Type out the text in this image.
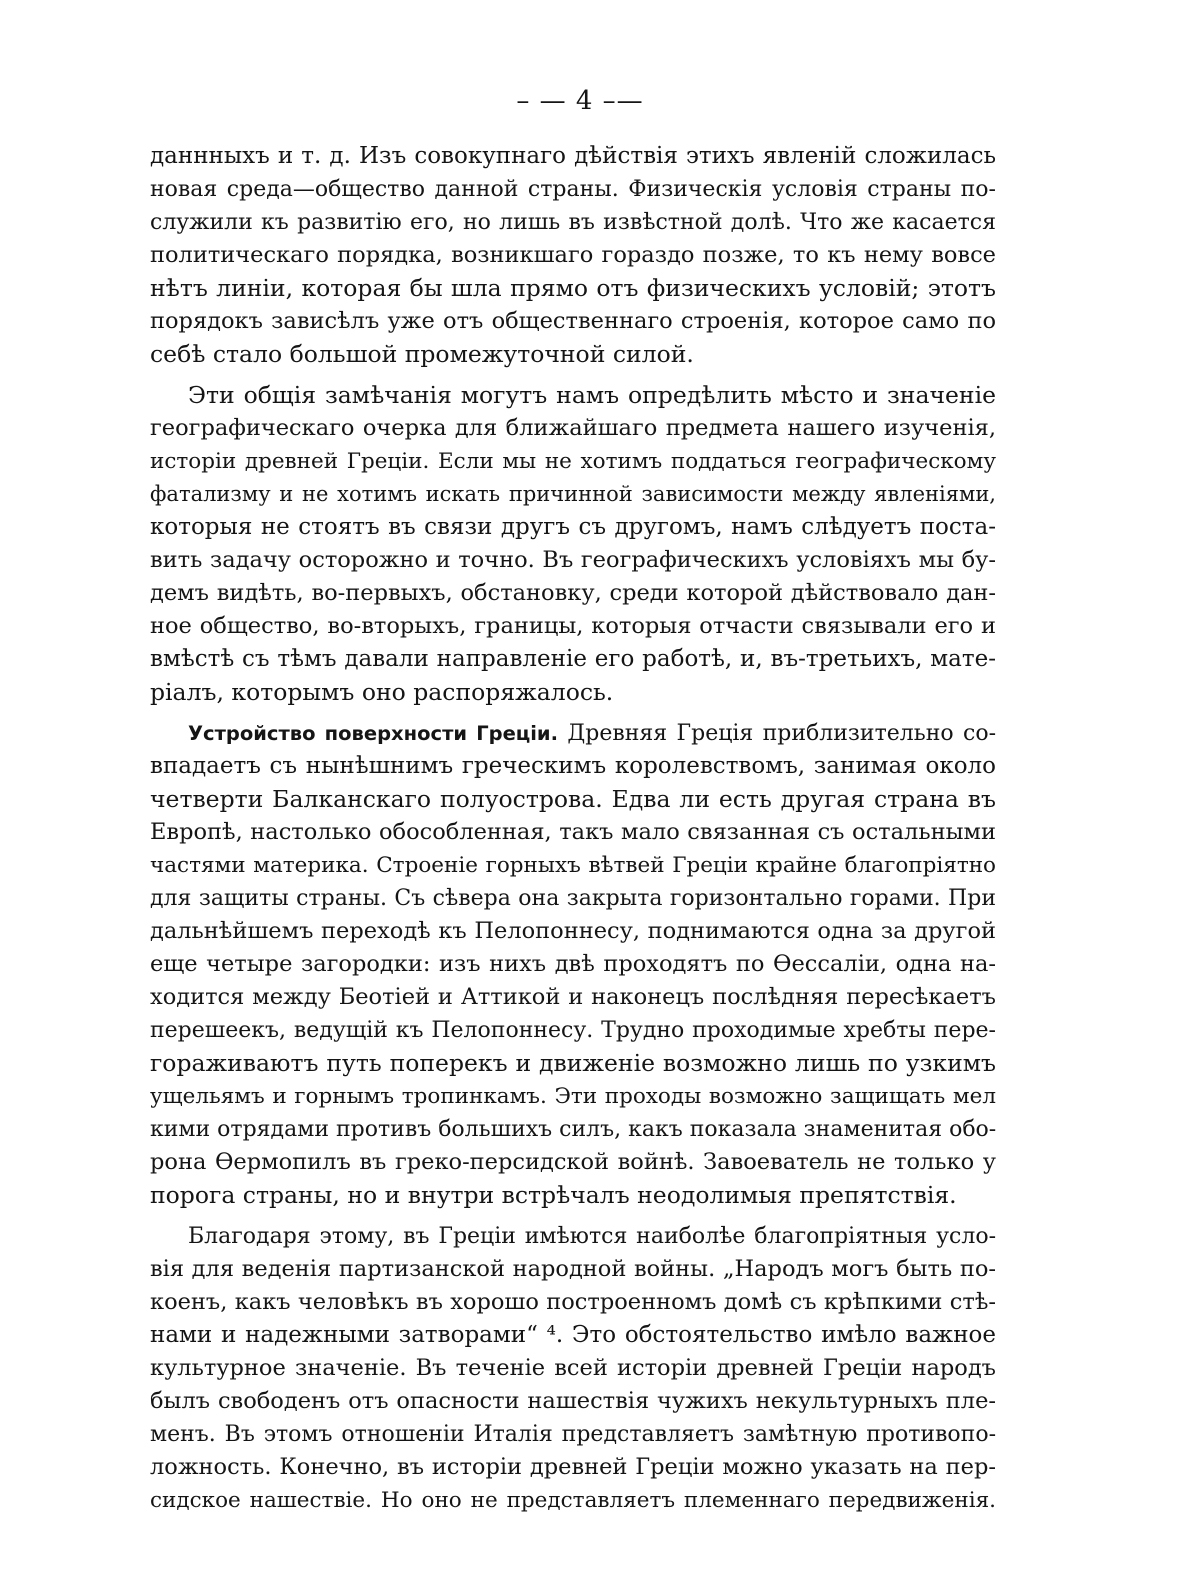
– — 4 –—
даннныхъ и т. д. Изъ совокупнаго дѣйствія этихъ явленій сложилась
новая среда—общество данной страны. Физическія условія страны по-
служили къ развитію его, но лишь въ извѣстной долѣ. Что же касается
политическаго порядка, возникшаго гораздо позже, то къ нему вовсе
нѣтъ линіи, которая бы шла прямо отъ физическихъ условій; этотъ
порядокъ зависѣлъ уже отъ общественнаго строенія, которое само по
себѣ стало большой промежуточной силой.
Эти общія замѣчанія могутъ намъ опредѣлить мѣсто и значеніе
географическаго очерка для ближайшаго предмета нашего изученія,
исторіи древней Греціи. Если мы не хотимъ поддаться географическому
фатализму и не хотимъ искать причинной зависимости между явленіями,
которыя не стоятъ въ связи другъ съ другомъ, намъ слѣдуетъ поста-
вить задачу осторожно и точно. Въ географическихъ условіяхъ мы бу-
демъ видѣть, во-первыхъ, обстановку, среди которой дѣйствовало дан-
ное общество, во-вторыхъ, границы, которыя отчасти связывали его и
вмѣстѣ съ тѣмъ давали направленіе его работѣ, и, въ-третьихъ, мате-
ріалъ, которымъ оно распоряжалось.
Устройство поверхности Греціи. Древняя Грецiя приблизительно со-
впадаетъ съ нынѣшнимъ греческимъ королевствомъ, занимая около
четверти Балканскаго полуострова. Едва ли есть другая страна въ
Европѣ, настолько обособленная, такъ мало связанная съ остальными
частями материка. Строеніе горныхъ вѣтвей Греціи крайне благопріятно
для защиты страны. Съ сѣвера она закрыта горизонтально горами. При
дальнѣйшемъ переходѣ къ Пелопоннесу, поднимаются одна за другой
еще четыре загородки: изъ нихъ двѣ проходятъ по Ѳессаліи, одна на-
ходится между Беотіей и Аттикой и наконецъ послѣдняя пересѣкаетъ
перешеекъ, ведущій къ Пелопоннесу. Трудно проходимые хребты пере-
гораживаютъ путь поперекъ и движеніе возможно лишь по узкимъ
ущельямъ и горнымъ тропинкамъ. Эти проходы возможно защищать мел
кими отрядами противъ большихъ силъ, какъ показала знаменитая обо-
рона Ѳермопилъ въ греко-персидской войнѣ. Завоеватель не только у
порога страны, но и внутри встрѣчалъ неодолимыя препятствія.
Благодаря этому, въ Греціи имѣются наиболѣе благопріятныя усло-
вія для веденія партизанской народной войны. „Народъ могъ быть по-
коенъ, какъ человѣкъ въ хорошо построенномъ домѣ съ крѣпкими стѣ-
нами и надежными затворами“ ⁴. Это обстоятельство имѣло важное
культурное значеніе. Въ теченіе всей исторіи древней Греціи народъ
былъ свободенъ отъ опасности нашествія чужихъ некультурныхъ пле-
менъ. Въ этомъ отношеніи Италія представляетъ замѣтную противопо-
ложность. Конечно, въ исторіи древней Греціи можно указать на пер-
сидское нашествіе. Но оно не представляетъ племеннаго передвиженія.
